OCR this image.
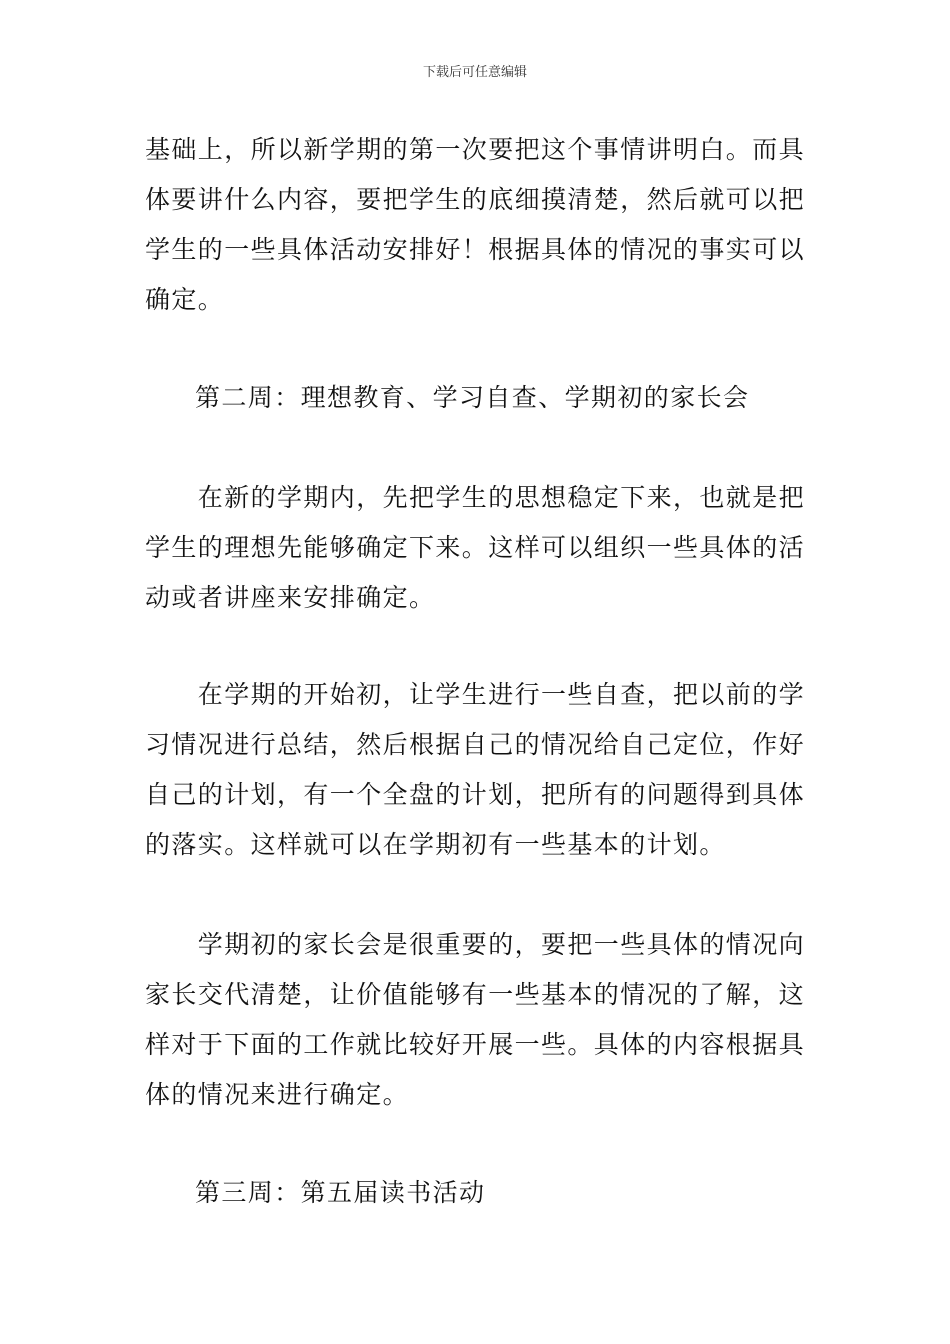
下载后可任意编辑

基础上，所以新学期的第一次要把这个事情讲明白。而具
体要讲什么内容，要把学生的底细摸清楚，然后就可以把
学生的一些具体活动安排好！根据具体的情况的事实可以
确定。

第二周：理想教育、学习自查、学期初的家长会

　　在新的学期内，先把学生的思想稳定下来，也就是把
学生的理想先能够确定下来。这样可以组织一些具体的活
动或者讲座来安排确定。

　　在学期的开始初，让学生进行一些自查，把以前的学
习情况进行总结，然后根据自己的情况给自己定位，作好
自己的计划，有一个全盘的计划，把所有的问题得到具体
的落实。这样就可以在学期初有一些基本的计划。

　　学期初的家长会是很重要的，要把一些具体的情况向
家长交代清楚，让价值能够有一些基本的情况的了解，这
样对于下面的工作就比较好开展一些。具体的内容根据具
体的情况来进行确定。

第三周：第五届读书活动
